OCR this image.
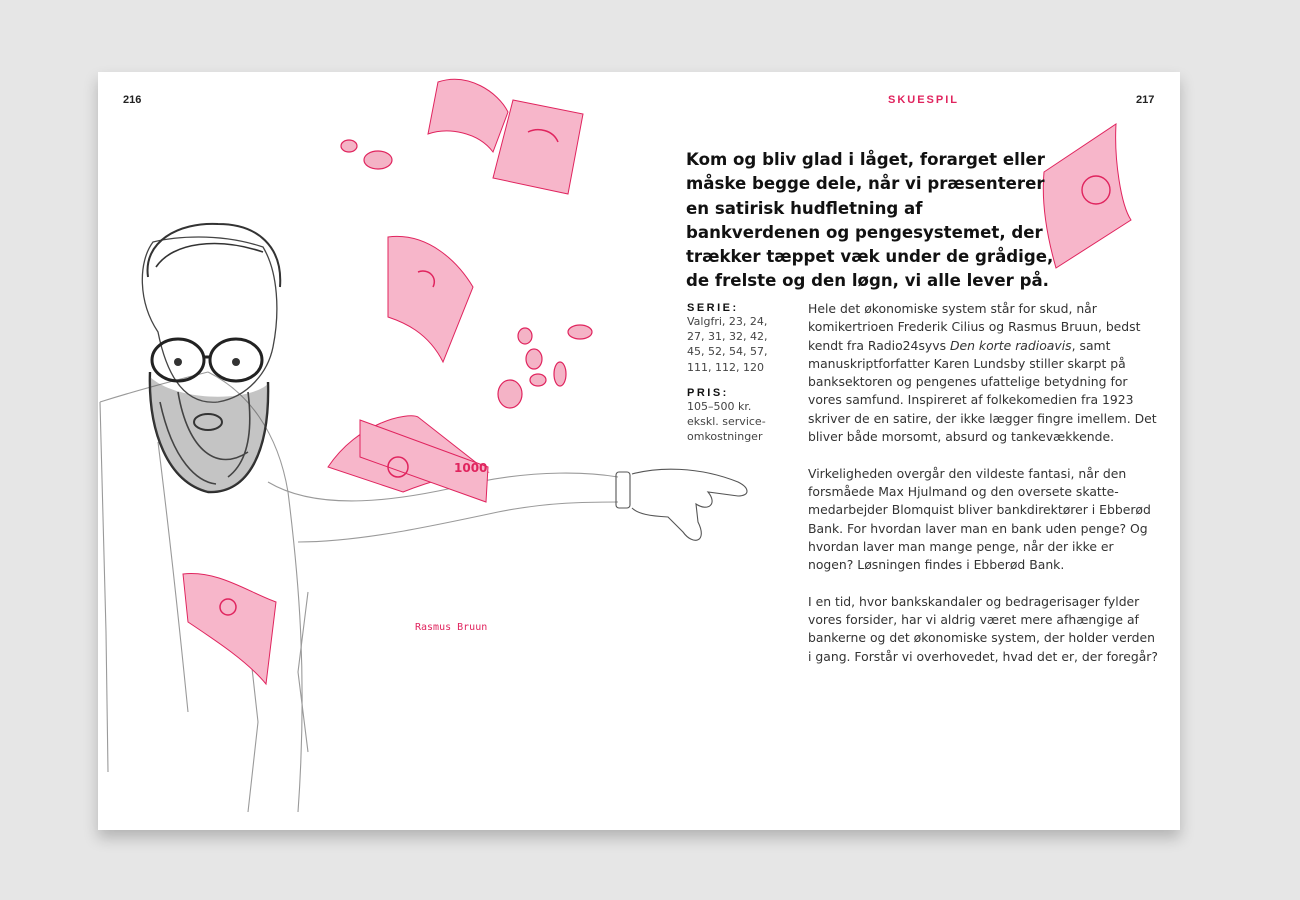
216	217
SKUESPIL
1000
Rasmus Bruun

Kom og bliv glad i låget, forarget eller måske begge dele, når vi præsenterer en satirisk hudfletning af bankverdenen og pengesystemet, der trækker tæppet væk under de grådige, de frelste og den løgn, vi alle lever på.

SERIE:

Valgfri, 23, 24, 27, 31, 32, 42, 45, 52, 54, 57, 111, 112, 120

PRIS:

105–500 kr. ekskl. service-omkostninger

Hele det økonomiske system står for skud, når komikertrioen Frederik Cilius og Rasmus Bruun, bedst kendt fra Radio24syvs Den korte radioavis, samt manuskriptforfatter Karen Lundsby stiller skarpt på banksektoren og pengenes ufattelige betydning for vores samfund. Inspireret af folkekomedien fra 1923 skriver de en satire, der ikke lægger fingre imellem. Det bliver både morsomt, absurd og tankevækkende.

Virkeligheden overgår den vildeste fantasi, når den forsmåede Max Hjulmand og den oversete skatte-medarbejder Blomquist bliver bankdirektører i Ebberød Bank. For hvordan laver man en bank uden penge? Og hvordan laver man mange penge, når der ikke er nogen? Løsningen findes i Ebberød Bank.

I en tid, hvor bankskandaler og bedragerisager fylder vores forsider, har vi aldrig været mere afhængige af bankerne og det økonomiske system, der holder verden i gang. Forstår vi overhovedet, hvad det er, der foregår?
